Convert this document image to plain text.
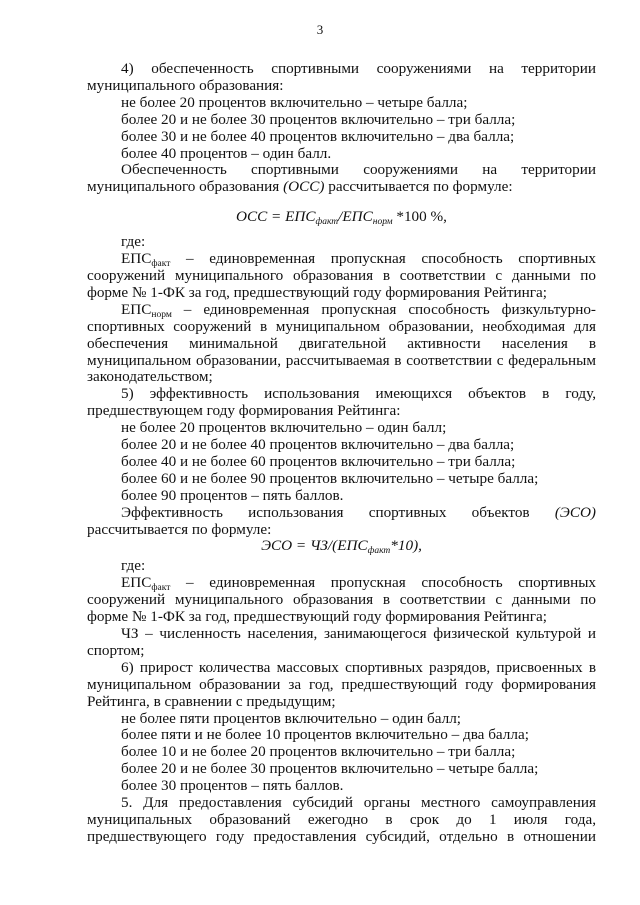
3

4) обеспеченность спортивными сооружениями на территории муниципального образования:

не более 20 процентов включительно – четыре балла;

более 20 и не более 30 процентов включительно – три балла;

более 30 и не более 40 процентов включительно – два балла;

более 40 процентов – один балл.

Обеспеченность спортивными сооружениями на территории муниципального образования (ОСС) рассчитывается по формуле:

ОСС = $ЕПС_{факт}/ЕПС_{норм}$ *100 %,

где:

$ЕПС_{факт}$ – единовременная пропускная способность спортивных сооружений муниципального образования в соответствии с данными по форме № 1-ФК за год, предшествующий году формирования Рейтинга;

$ЕПС_{норм}$ – единовременная пропускная способность физкультурно-спортивных сооружений в муниципальном образовании, необходимая для обеспечения минимальной двигательной активности населения в муниципальном образовании, рассчитываемая в соответствии с федеральным законодательством;

5) эффективность использования имеющихся объектов в году, предшествующем году формирования Рейтинга:

не более 20 процентов включительно – один балл;

более 20 и не более 40 процентов включительно – два балла;

более 40 и не более 60 процентов включительно – три балла;

более 60 и не более 90 процентов включительно – четыре балла;

более 90 процентов – пять баллов.

Эффективность использования спортивных объектов (ЭСО) рассчитывается по формуле:

ЭСО = $ЧЗ/(ЕПС_{факт}*10)$,

где:

$ЕПС_{факт}$ – единовременная пропускная способность спортивных сооружений муниципального образования в соответствии с данными по форме № 1-ФК за год, предшествующий году формирования Рейтинга;

ЧЗ – численность населения, занимающегося физической культурой и спортом;

6) прирост количества массовых спортивных разрядов, присвоенных в муниципальном образовании за год, предшествующий году формирования Рейтинга, в сравнении с предыдущим;

не более пяти процентов включительно – один балл;

более пяти и не более 10 процентов включительно – два балла;

более 10 и не более 20 процентов включительно – три балла;

более 20 и не более 30 процентов включительно – четыре балла;

более 30 процентов – пять баллов.

5. Для предоставления субсидий органы местного самоуправления муниципальных образований ежегодно в срок до 1 июля года, предшествующего году предоставления субсидий, отдельно в отношении
